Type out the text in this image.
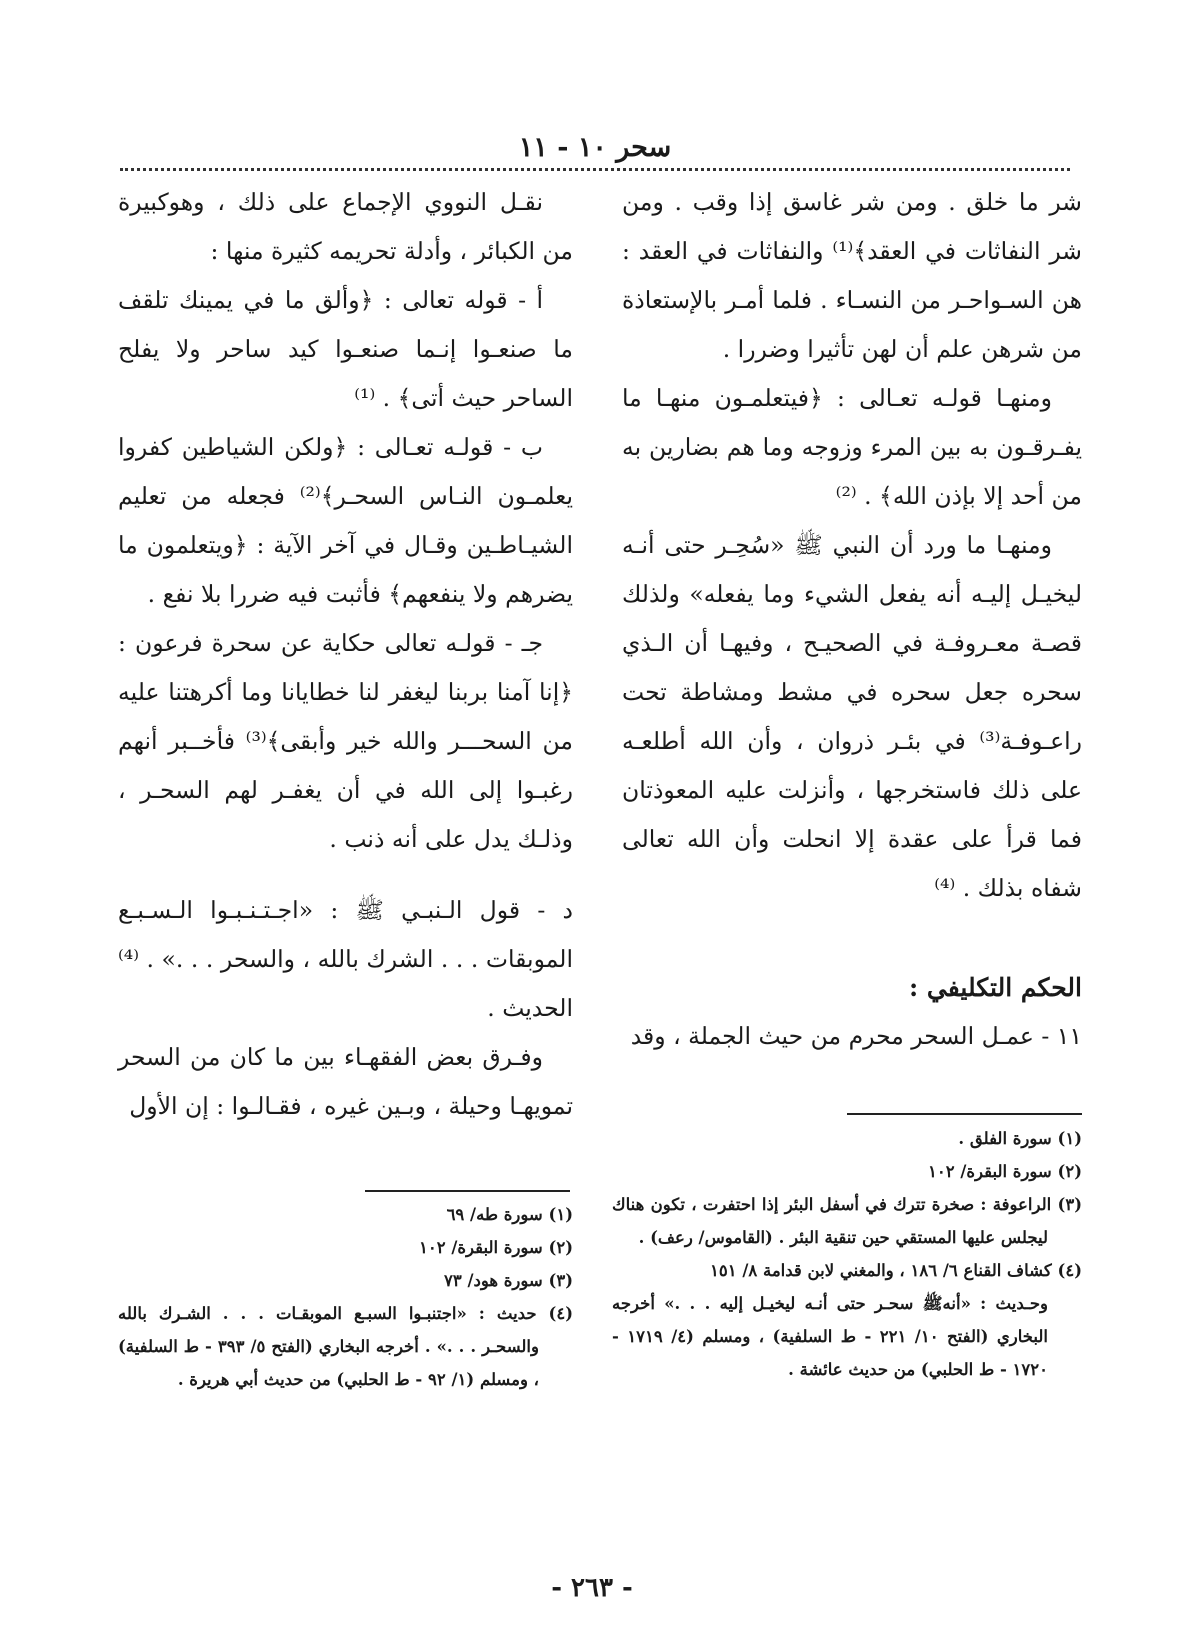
سحر ١٠ - ١١

شر ما خلق . ومن شر غاسق إذا وقب . ومن شر النفاثات في العقد﴾⁽¹⁾ والنفاثات في العقد : هن السـواحـر من النسـاء . فلما أمـر بالإستعاذة من شرهن علم أن لهن تأثيرا وضررا .

ومنهـا قولـه تعـالى : ﴿فيتعلمـون منهـا ما يفـرقـون به بين المرء وزوجه وما هم بضارين به من أحد إلا بإذن الله﴾ . ⁽²⁾

ومنهـا ما ورد أن النبي ﷺ «سُحِـر حتى أنـه ليخيـل إليـه أنه يفعل الشيء وما يفعله» ولذلك قصـة معـروفـة في الصحيـح ، وفيهـا أن الـذي سحره جعل سحره في مشط ومشاطة تحت راعـوفـة⁽³⁾ في بئـر ذروان ، وأن الله أطلعـه على ذلك فاستخرجها ، وأنزلت عليه المعوذتان فما قرأ على عقدة إلا انحلت وأن الله تعالى شفاه بذلك . ⁽⁴⁾

الحكم التكليفي :

١١ - عمـل السحر محرم من حيث الجملة ، وقد

نقـل النووي الإجماع على ذلك ، وهوكبيرة من الكبائر ، وأدلة تحريمه كثيرة منها :

أ - قوله تعالى : ﴿وألق ما في يمينك تلقف ما صنعـوا إنـما صنعـوا كيد ساحر ولا يفلح الساحر حيث أتى﴾ . ⁽¹⁾

ب - قولـه تعـالى : ﴿ولكن الشياطين كفروا يعلمـون النـاس السحـر﴾⁽²⁾ فجعله من تعليم الشيـاطـين وقـال في آخر الآية : ﴿ويتعلمون ما يضرهم ولا ينفعهم﴾ فأثبت فيه ضررا بلا نفع .

جـ - قولـه تعالى حكاية عن سحرة فرعون : ﴿إنا آمنا بربنا ليغفر لنا خطايانا وما أكرهتنا عليه من السحـــر والله خير وأبقى﴾⁽³⁾ فأخــبر أنهم رغبـوا إلى الله في أن يغفـر لهم السحـر ، وذلـك يدل على أنه ذنب .

د - قول الـنبـي ﷺ : «اجـتـنـبـوا الـسـبـع الموبقات . . . الشرك بالله ، والسحر . . .» . ⁽⁴⁾ الحديث .

وفـرق بعض الفقهـاء بين ما كان من السحر تمويهـا وحيلة ، وبـين غيره ، فقـالـوا : إن الأول

(١) سورة الفلق .

(٢) سورة البقرة/ ١٠٢

(٣) الراعوفة : صخرة تترك في أسفل البئر إذا احتفرت ، تكون هناك ليجلس عليها المستقي حين تنقية البئر . (القاموس/ رعف) .

(٤) كشاف القناع ٦/ ١٨٦ ، والمغني لابن قدامة ٨/ ١٥١

وحـديث : «أنهﷺ سحـر حتى أنـه ليخيـل إليه . . .» أخرجه البخاري (الفتح ١٠/ ٢٢١ - ط السلفية) ، ومسلم (٤/ ١٧١٩ - ١٧٢٠ - ط الحلبي) من حديث عائشة .

(١) سورة طه/ ٦٩

(٢) سورة البقرة/ ١٠٢

(٣) سورة هود/ ٧٣

(٤) حديث : «اجتنبـوا السبـع الموبقـات . . . الشـرك بالله والسحـر . . .» . أخرجه البخاري (الفتح ٥/ ٣٩٣ - ط السلفية) ، ومسلم (١/ ٩٢ - ط الحلبي) من حديث أبي هريرة .

- ٢٦٣ -
